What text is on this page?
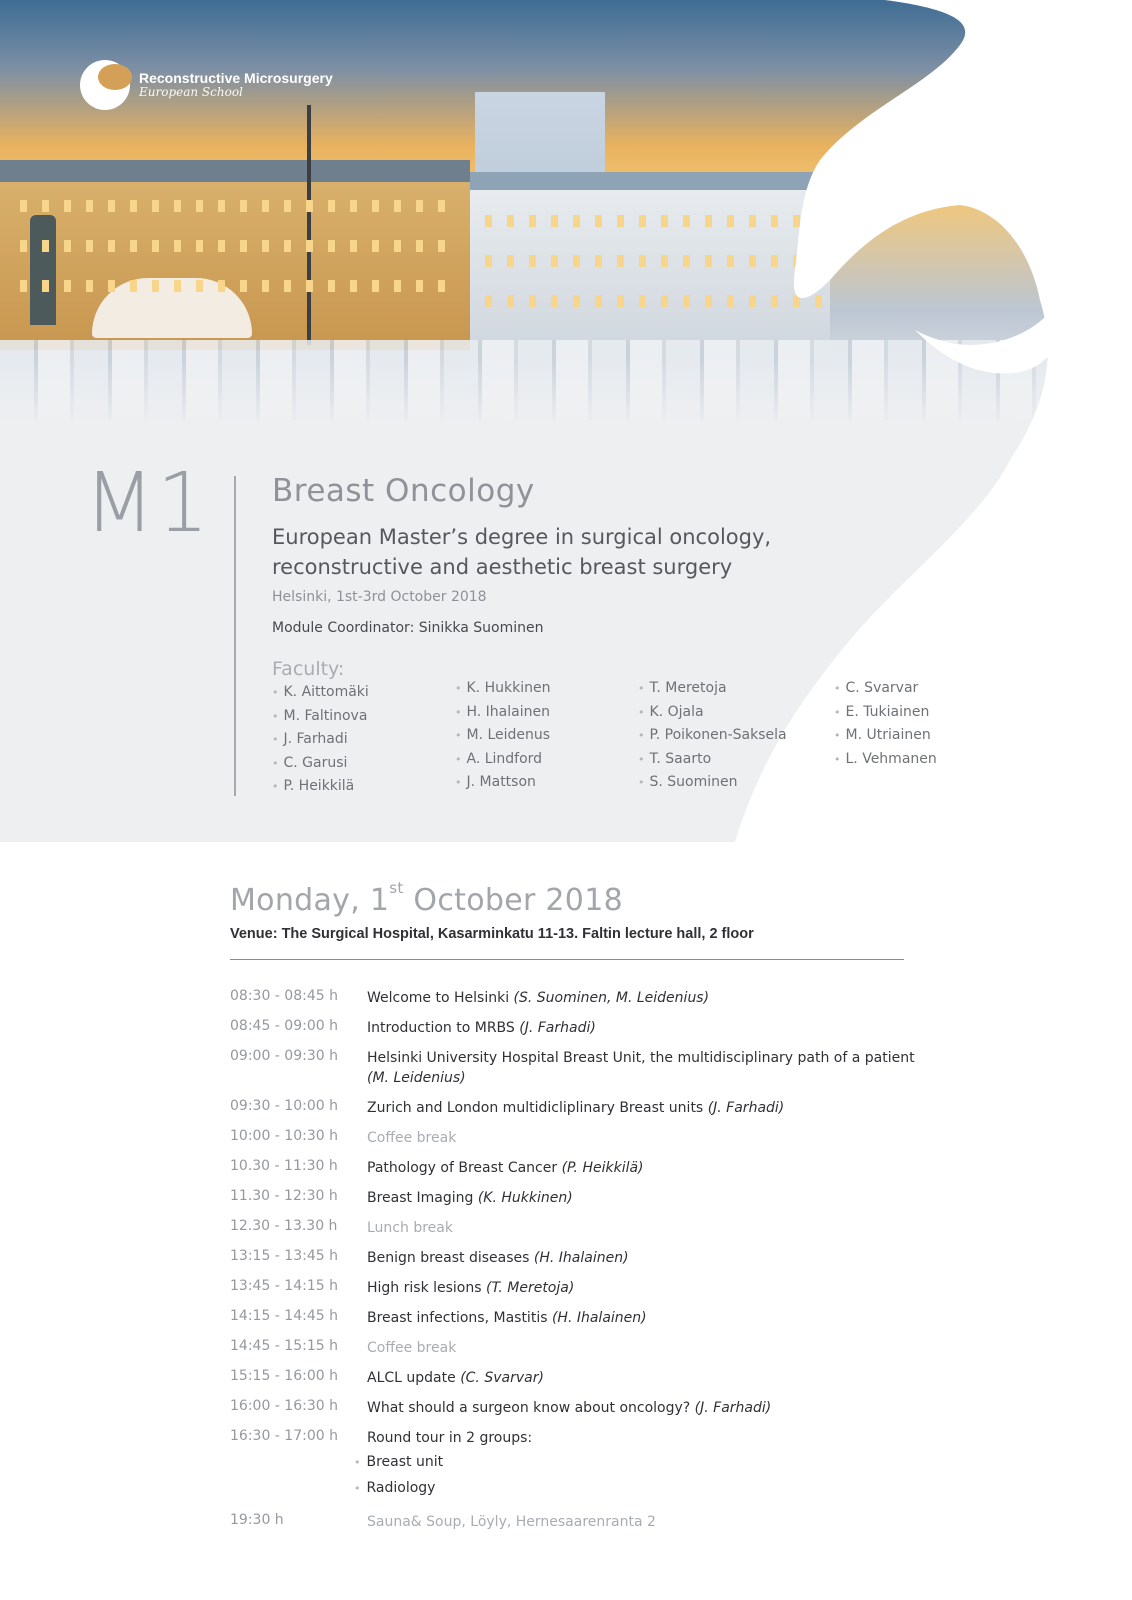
Reconstructive Microsurgery
European School
M1 Breast Oncology
European Master’s degree in surgical oncology,
reconstructive and aesthetic breast surgery
Helsinki, 1st-3rd October 2018
Module Coordinator: Sinikka Suominen
Faculty:
• K. Aittomäki
• M. Faltinova
• J. Farhadi
• C. Garusi
• P. Heikkilä
• K. Hukkinen
• H. Ihalainen
• M. Leidenus
• A. Lindford
• J. Mattson
• T. Meretoja
• K. Ojala
• P. Poikonen-Saksela
• T. Saarto
• S. Suominen
• C. Svarvar
• E. Tukiainen
• M. Utriainen
• L. Vehmanen
Monday, 1st October 2018
Venue: The Surgical Hospital, Kasarminkatu 11-13. Faltin lecture hall, 2 floor
08:30 - 08:45 h Welcome to Helsinki (S. Suominen, M. Leidenius)
08:45 - 09:00 h Introduction to MRBS (J. Farhadi)
09:00 - 09:30 h Helsinki University Hospital Breast Unit, the multidisciplinary path of a patient
(M. Leidenius)
09:30 - 10:00 h Zurich and London multidicliplinary Breast units (J. Farhadi)
10:00 - 10:30 h Coffee break
10.30 - 11:30 h Pathology of Breast Cancer (P. Heikkilä)
11.30 - 12:30 h Breast Imaging (K. Hukkinen)
12.30 - 13.30 h Lunch break
13:15 - 13:45 h Benign breast diseases (H. Ihalainen)
13:45 - 14:15 h High risk lesions (T. Meretoja)
14:15 - 14:45 h Breast infections, Mastitis (H. Ihalainen)
14:45 - 15:15 h Coffee break
15:15 - 16:00 h ALCL update (C. Svarvar)
16:00 - 16:30 h What should a surgeon know about oncology? (J. Farhadi)
16:30 - 17:00 h Round tour in 2 groups:
• Breast unit
• Radiology
19:30 h	Sauna& Soup, Löyly, Hernesaarenranta 2
